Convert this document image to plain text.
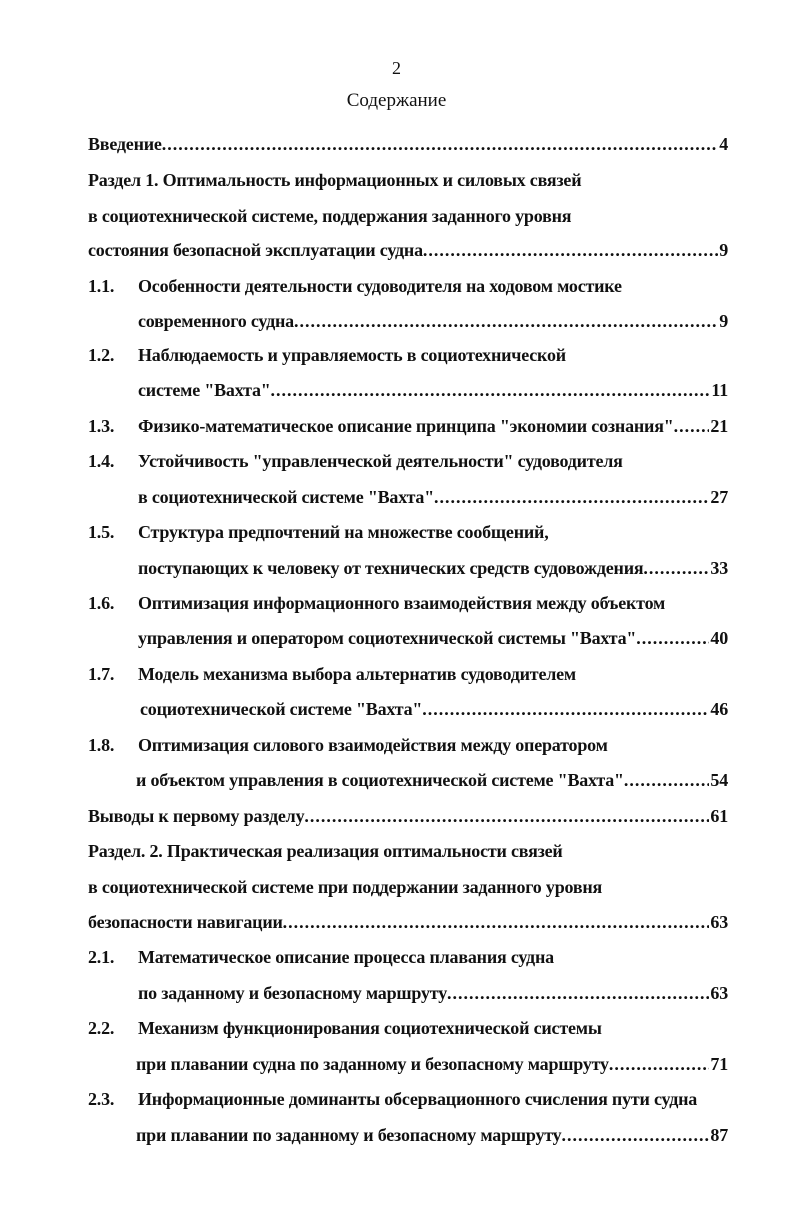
2
Содержание
Введение .....	4
Раздел 1. Оптимальность информационных и силовых связей
в социотехнической системе, поддержания заданного уровня
состояния безопасной эксплуатации судна .....	9
1.1.	Особенности деятельности судоводителя на ходовом мостике
современного судна .....	9
1.2.	Наблюдаемость и управляемость в социотехнической
системе "Вахта" .....	11
1.3.	Физико-математическое описание принципа "экономии сознания" ..... 21
1.4.	Устойчивость "управленческой деятельности" судоводителя
в социотехнической системе "Вахта" .....	27
1.5.	Структура предпочтений на множестве сообщений,
поступающих к человеку от технических средств судовождения .....	33
1.6.	Оптимизация информационного взаимодействия между объектом
управления и оператором социотехнической системы "Вахта" .....	40
1.7.	Модель механизма выбора альтернатив судоводителем
социотехнической системе "Вахта" .....	46
1.8.	Оптимизация силового взаимодействия между оператором
и объектом управления в социотехнической системе "Вахта" .....	54
Выводы к первому разделу .....	61
Раздел. 2. Практическая реализация оптимальности связей
в социотехнической системе при поддержании заданного уровня
безопасности навигации .....	63
2.1.	Математическое описание процесса плавания судна
по заданному и безопасному маршруту .....	63
2.2.	Механизм функционирования социотехнической системы
при плавании судна по заданному и безопасному маршруту .....	71
2.3.	Информационные доминанты обсервационного счисления пути судна
при плавании по заданному и безопасному маршруту .....	87
